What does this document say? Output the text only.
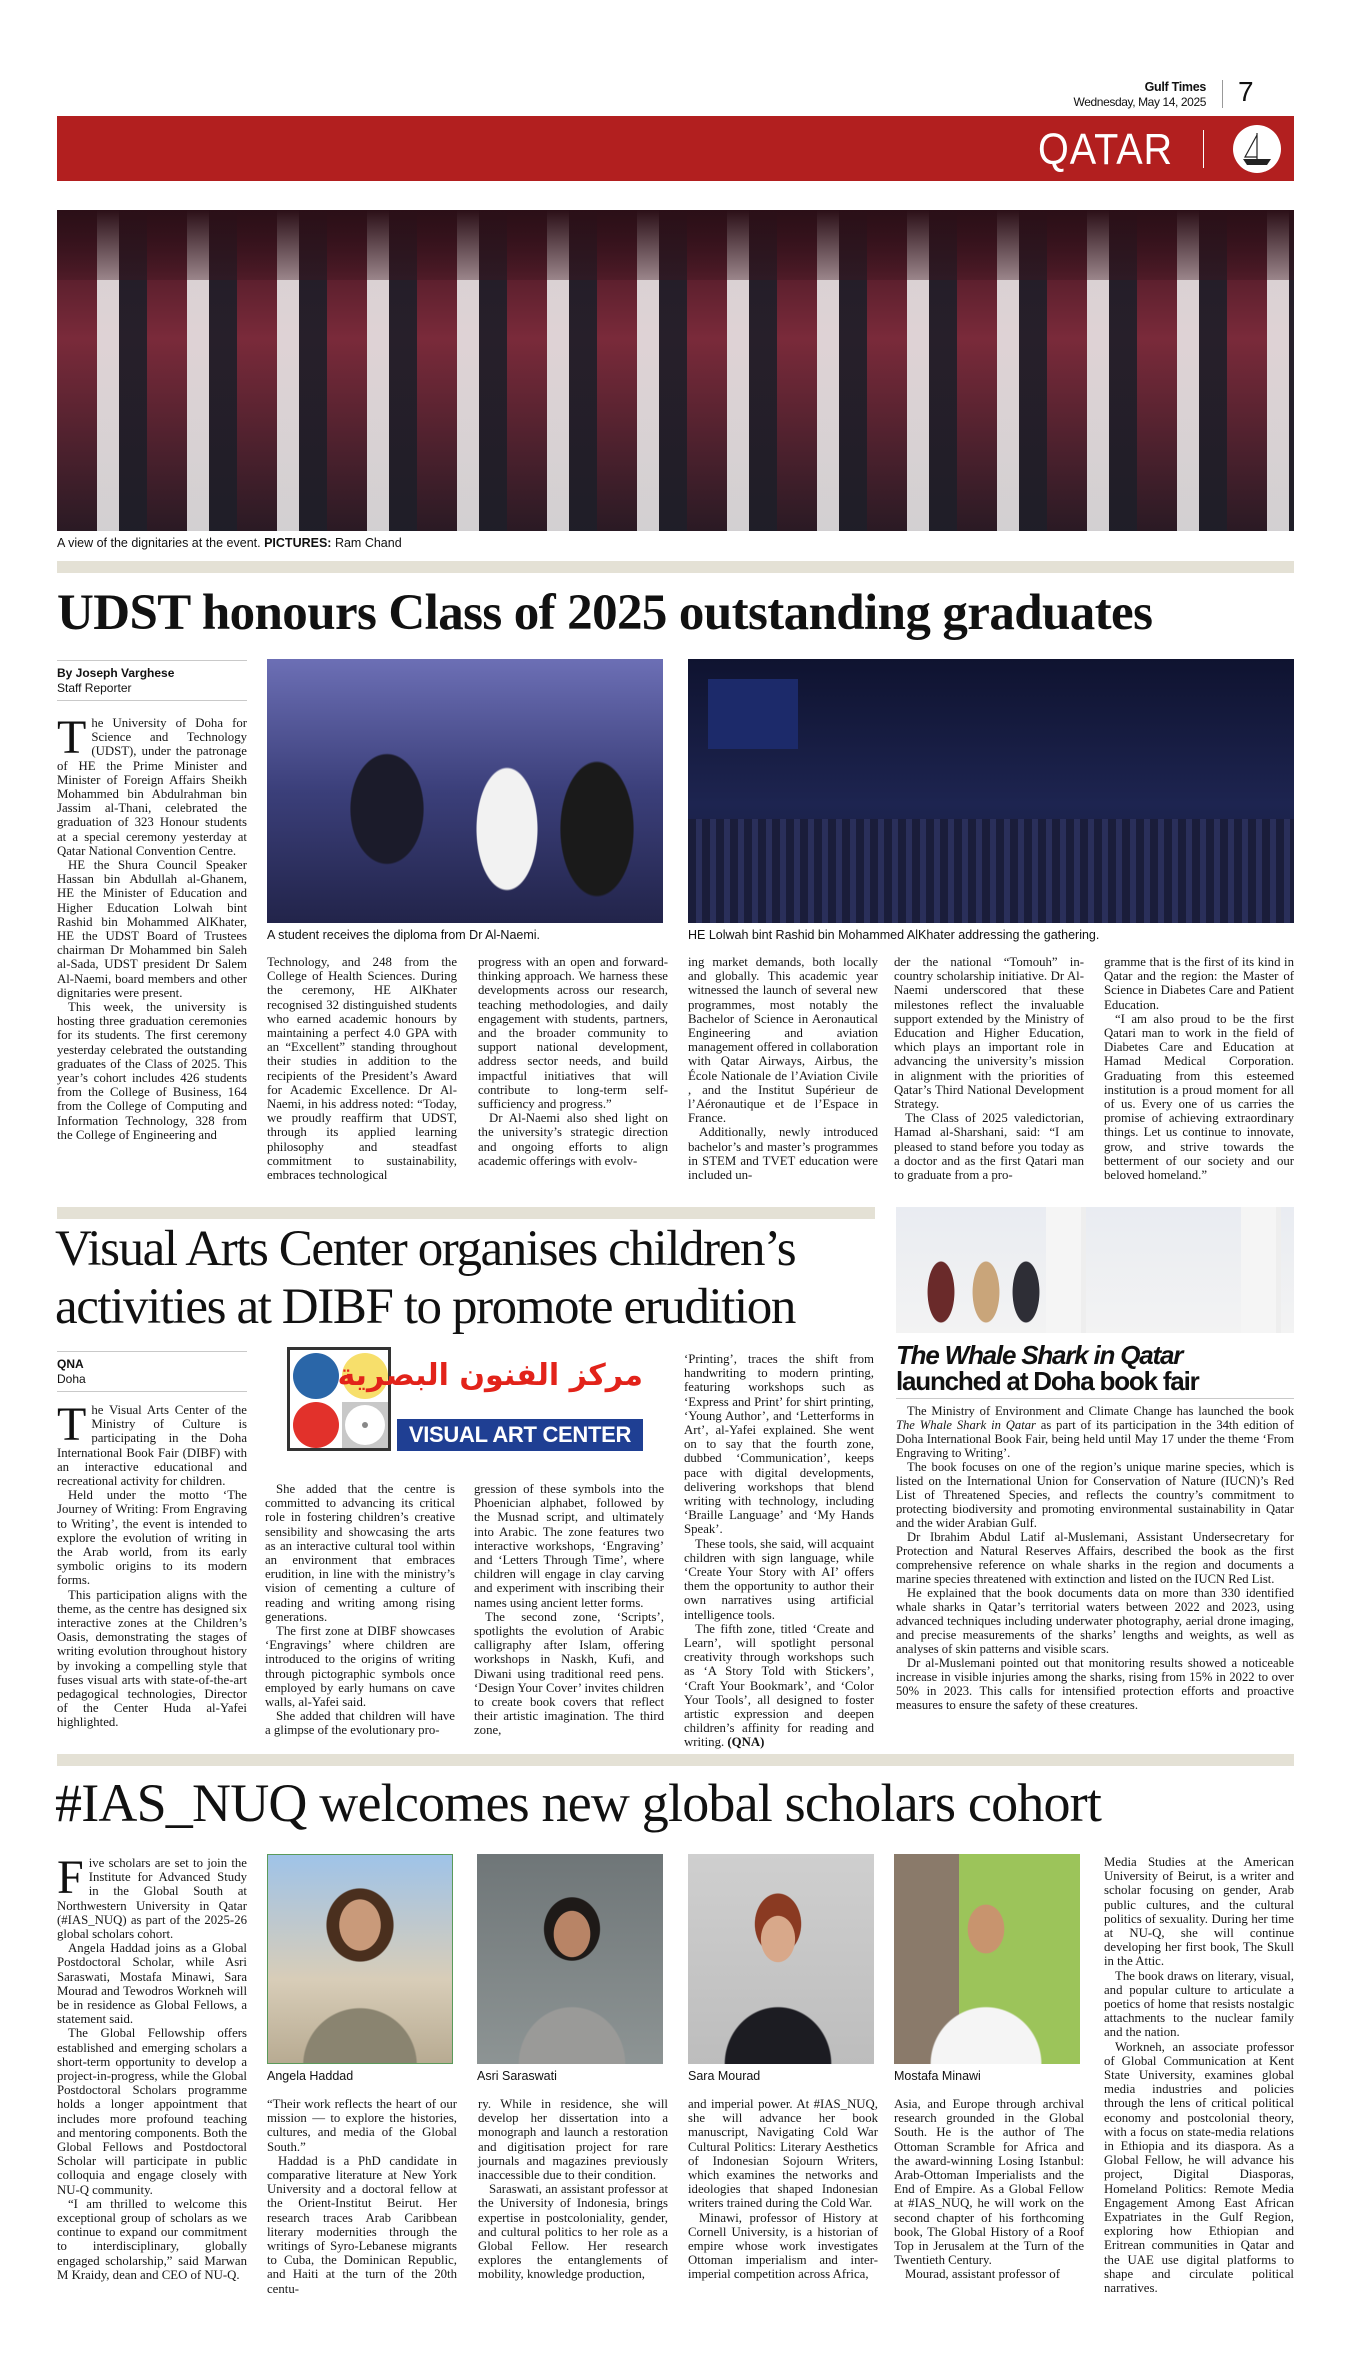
Gulf Times
Wednesday, May 14, 2025 7
QATAR
A view of the dignitaries at the event. PICTURES: Ram Chand
UDST honours Class of 2025 outstanding graduates
By Joseph Varghese
Staff Reporter
A student receives the diploma from Dr Al-Naemi.	HE Lolwah bint Rashid bin Mohammed AlKhater addressing the gathering.
T he University of Doha for Science and Technology (UDST), under the patronage of HE the Prime Minister and Minister of Foreign Affairs Sheikh Mohammed bin Abdulrahman bin Jassim al-Thani, celebrated the graduation of 323 Honour students at a special ceremony yesterday at Qatar National Convention Centre.

HE the Shura Council Speaker Hassan bin Abdullah al-Ghanem, HE the Minister of Education and Higher Education Lolwah bint Rashid bin Mohammed AlKhater, HE the UDST Board of Trustees chairman Dr Mohammed bin Saleh al-Sada, UDST president Dr Salem Al-Naemi, board members and other dignitaries were present.

This week, the university is hosting three graduation ceremonies for its students. The first ceremony yesterday celebrated the outstanding graduates of the Class of 2025. This year’s cohort includes 426 students from the College of Business, 164 from the College of Computing and Information Technology, 328 from the College of Engineering and

Technology, and 248 from the College of Health Sciences. During the ceremony, HE AlKhater recognised 32 distinguished students who earned academic honours by maintaining a perfect 4.0 GPA with an “Excellent” standing throughout their studies in addition to the recipients of the President’s Award for Academic Excellence. Dr Al-Naemi, in his address noted: “Today, we proudly reaffirm that UDST, through its applied learning philosophy and steadfast commitment to sustainability, embraces technological

progress with an open and forward-thinking approach. We harness these developments across our research, teaching methodologies, and daily engagement with students, partners, and the broader community to support national development, address sector needs, and build impactful initiatives that will contribute to long-term self-sufficiency and progress.”

Dr Al-Naemi also shed light on the university’s strategic direction and ongoing efforts to align academic offerings with evolv-

ing market demands, both locally and globally. This academic year witnessed the launch of several new programmes, most notably the Bachelor of Science in Aeronautical Engineering and aviation management offered in collaboration with Qatar Airways, Airbus, the École Nationale de l’Aviation Civile , and the Institut Supérieur de l’Aéronautique et de l’Espace in France.

Additionally, newly introduced bachelor’s and master’s programmes in STEM and TVET education were included un-

der the national “Tomouh” in-country scholarship initiative. Dr Al-Naemi underscored that these milestones reflect the invaluable support extended by the Ministry of Education and Higher Education, which plays an important role in advancing the university’s mission in alignment with the priorities of Qatar’s Third National Development Strategy.

The Class of 2025 valedictorian, Hamad al-Sharshani, said: “I am pleased to stand before you today as a doctor and as the first Qatari man to graduate from a pro-

gramme that is the first of its kind in Qatar and the region: the Master of Science in Diabetes Care and Patient Education.

“I am also proud to be the first Qatari man to work in the field of Diabetes Care and Education at Hamad Medical Corporation. Graduating from this esteemed institution is a proud moment for all of us. Every one of us carries the promise of achieving extraordinary things. Let us continue to innovate, grow, and strive towards the betterment of our society and our beloved homeland.”

Visual Arts Center organises children’s
activities at DIBF to promote erudition
QNA
Doha	مركز الفنون البصرية
VISUAL ART CENTER
T he Visual Arts Center of the Ministry of Culture is participating in the Doha International Book Fair (DIBF) with an interactive educational and recreational activity for children.

Held under the motto ‘The Journey of Writing: From Engraving to Writing’, the event is intended to explore the evolution of writing in the Arab world, from its early symbolic origins to its modern forms.

This participation aligns with the theme, as the centre has designed six interactive zones at the Children’s Oasis, demonstrating the stages of writing evolution throughout history by invoking a compelling style that fuses visual arts with state-of-the-art pedagogical technologies, Director of the Center Huda al-Yafei highlighted.

She added that the centre is committed to advancing its critical role in fostering children’s creative sensibility and showcasing the arts as an interactive cultural tool within an environment that embraces erudition, in line with the ministry’s vision of cementing a culture of reading and writing among rising generations.

The first zone at DIBF showcases ‘Engravings’ where children are introduced to the origins of writing through pictographic symbols once employed by early humans on cave walls, al-Yafei said.

She added that children will have a glimpse of the evolutionary pro-

gression of these symbols into the Phoenician alphabet, followed by the Musnad script, and ultimately into Arabic. The zone features two interactive workshops, ‘Engraving’ and ‘Letters Through Time’, where children will engage in clay carving and experiment with inscribing their names using ancient letter forms.

The second zone, ‘Scripts’, spotlights the evolution of Arabic calligraphy after Islam, offering workshops in Naskh, Kufi, and Diwani using traditional reed pens. ‘Design Your Cover’ invites children to create book covers that reflect their artistic imagination. The third zone,

‘Printing’, traces the shift from handwriting to modern printing, featuring workshops such as ‘Express and Print’ for shirt printing, ‘Young Author’, and ‘Letterforms in Art’, al-Yafei explained. She went on to say that the fourth zone, dubbed ‘Communication’, keeps pace with digital developments, delivering workshops that blend writing with technology, including ‘Braille Language’ and ‘My Hands Speak’.

These tools, she said, will acquaint children with sign language, while ‘Create Your Story with AI’ offers them the opportunity to author their own narratives using artificial intelligence tools.

The fifth zone, titled ‘Create and Learn’, will spotlight personal creativity through workshops such as ‘A Story Told with Stickers’, ‘Craft Your Bookmark’, and ‘Color Your Tools’, all designed to foster artistic expression and deepen children’s affinity for reading and writing. (QNA)

The Whale Shark in Qatar
launched at Doha book fair

The Ministry of Environment and Climate Change has launched the book The Whale Shark in Qatar as part of its participation in the 34th edition of Doha International Book Fair, being held until May 17 under the theme ‘From Engraving to Writing’.

The book focuses on one of the region’s unique marine species, which is listed on the International Union for Conservation of Nature (IUCN)’s Red List of Threatened Species, and reflects the country’s commitment to protecting biodiversity and promoting environmental sustainability in Qatar and the wider Arabian Gulf.

Dr Ibrahim Abdul Latif al-Muslemani, Assistant Undersecretary for Protection and Natural Reserves Affairs, described the book as the first comprehensive reference on whale sharks in the region and documents a marine species threatened with extinction and listed on the IUCN Red List.

He explained that the book documents data on more than 330 identified whale sharks in Qatar’s territorial waters between 2022 and 2023, using advanced techniques including underwater photography, aerial drone imaging, and precise measurements of the sharks’ lengths and weights, as well as analyses of skin patterns and visible scars.

Dr al-Muslemani pointed out that monitoring results showed a noticeable increase in visible injuries among the sharks, rising from 15% in 2022 to over 50% in 2023. This calls for intensified protection efforts and proactive measures to ensure the safety of these creatures.

#IAS_NUQ welcomes new global scholars cohort
F ive scholars are set to join the Institute for Advanced Study in the Global South at Northwestern University in Qatar (#IAS_NUQ) as part of the 2025-26 global scholars cohort.

Angela Haddad joins as a Global Postdoctoral Scholar, while Asri Saraswati, Mostafa Minawi, Sara Mourad and Tewodros Workneh will be in residence as Global Fellows, a statement said.

The Global Fellowship offers established and emerging scholars a short-term opportunity to develop a project-in-progress, while the Global Postdoctoral Scholars programme holds a longer appointment that includes more profound teaching and mentoring components. Both the Global Fellows and Postdoctoral Scholar will participate in public colloquia and engage closely with NU-Q community.

“I am thrilled to welcome this exceptional group of scholars as we continue to expand our commitment to interdisciplinary, globally engaged scholarship,” said Marwan M Kraidy, dean and CEO of NU-Q.

Angela Haddad	Asri Saraswati	Sara Mourad	Mostafa Minawi

“Their work reflects the heart of our mission — to explore the histories, cultures, and media of the Global South.”

Haddad is a PhD candidate in comparative literature at New York University and a doctoral fellow at the Orient-Institut Beirut. Her research traces Arab Caribbean literary modernities through the writings of Syro-Lebanese migrants to Cuba, the Dominican Republic, and Haiti at the turn of the 20th centu-

ry. While in residence, she will develop her dissertation into a monograph and launch a restoration and digitisation project for rare journals and magazines previously inaccessible due to their condition.

Saraswati, an assistant professor at the University of Indonesia, brings expertise in postcoloniality, gender, and cultural politics to her role as a Global Fellow. Her research explores the entanglements of mobility, knowledge production,

and imperial power. At #IAS_NUQ, she will advance her book manuscript, Navigating Cold War Cultural Politics: Literary Aesthetics of Indonesian Sojourn Writers, which examines the networks and ideologies that shaped Indonesian writers trained during the Cold War.

Minawi, professor of History at Cornell University, is a historian of empire whose work investigates Ottoman imperialism and inter-imperial competition across Africa,

Asia, and Europe through archival research grounded in the Global South. He is the author of The Ottoman Scramble for Africa and the award-winning Losing Istanbul: Arab-Ottoman Imperialists and the End of Empire. As a Global Fellow at #IAS_NUQ, he will work on the second chapter of his forthcoming book, The Global History of a Roof Top in Jerusalem at the Turn of the Twentieth Century.

Mourad, assistant professor of

Media Studies at the American University of Beirut, is a writer and scholar focusing on gender, Arab public cultures, and the cultural politics of sexuality. During her time at NU-Q, she will continue developing her first book, The Skull in the Attic.

The book draws on literary, visual, and popular culture to articulate a poetics of home that resists nostalgic attachments to the nuclear family and the nation.

Workneh, an associate professor of Global Communication at Kent State University, examines global media industries and policies through the lens of critical political economy and postcolonial theory, with a focus on state-media relations in Ethiopia and its diaspora. As a Global Fellow, he will advance his project, Digital Diasporas, Homeland Politics: Remote Media Engagement Among East African Expatriates in the Gulf Region, exploring how Ethiopian and Eritrean communities in Qatar and the UAE use digital platforms to shape and circulate political narratives.
